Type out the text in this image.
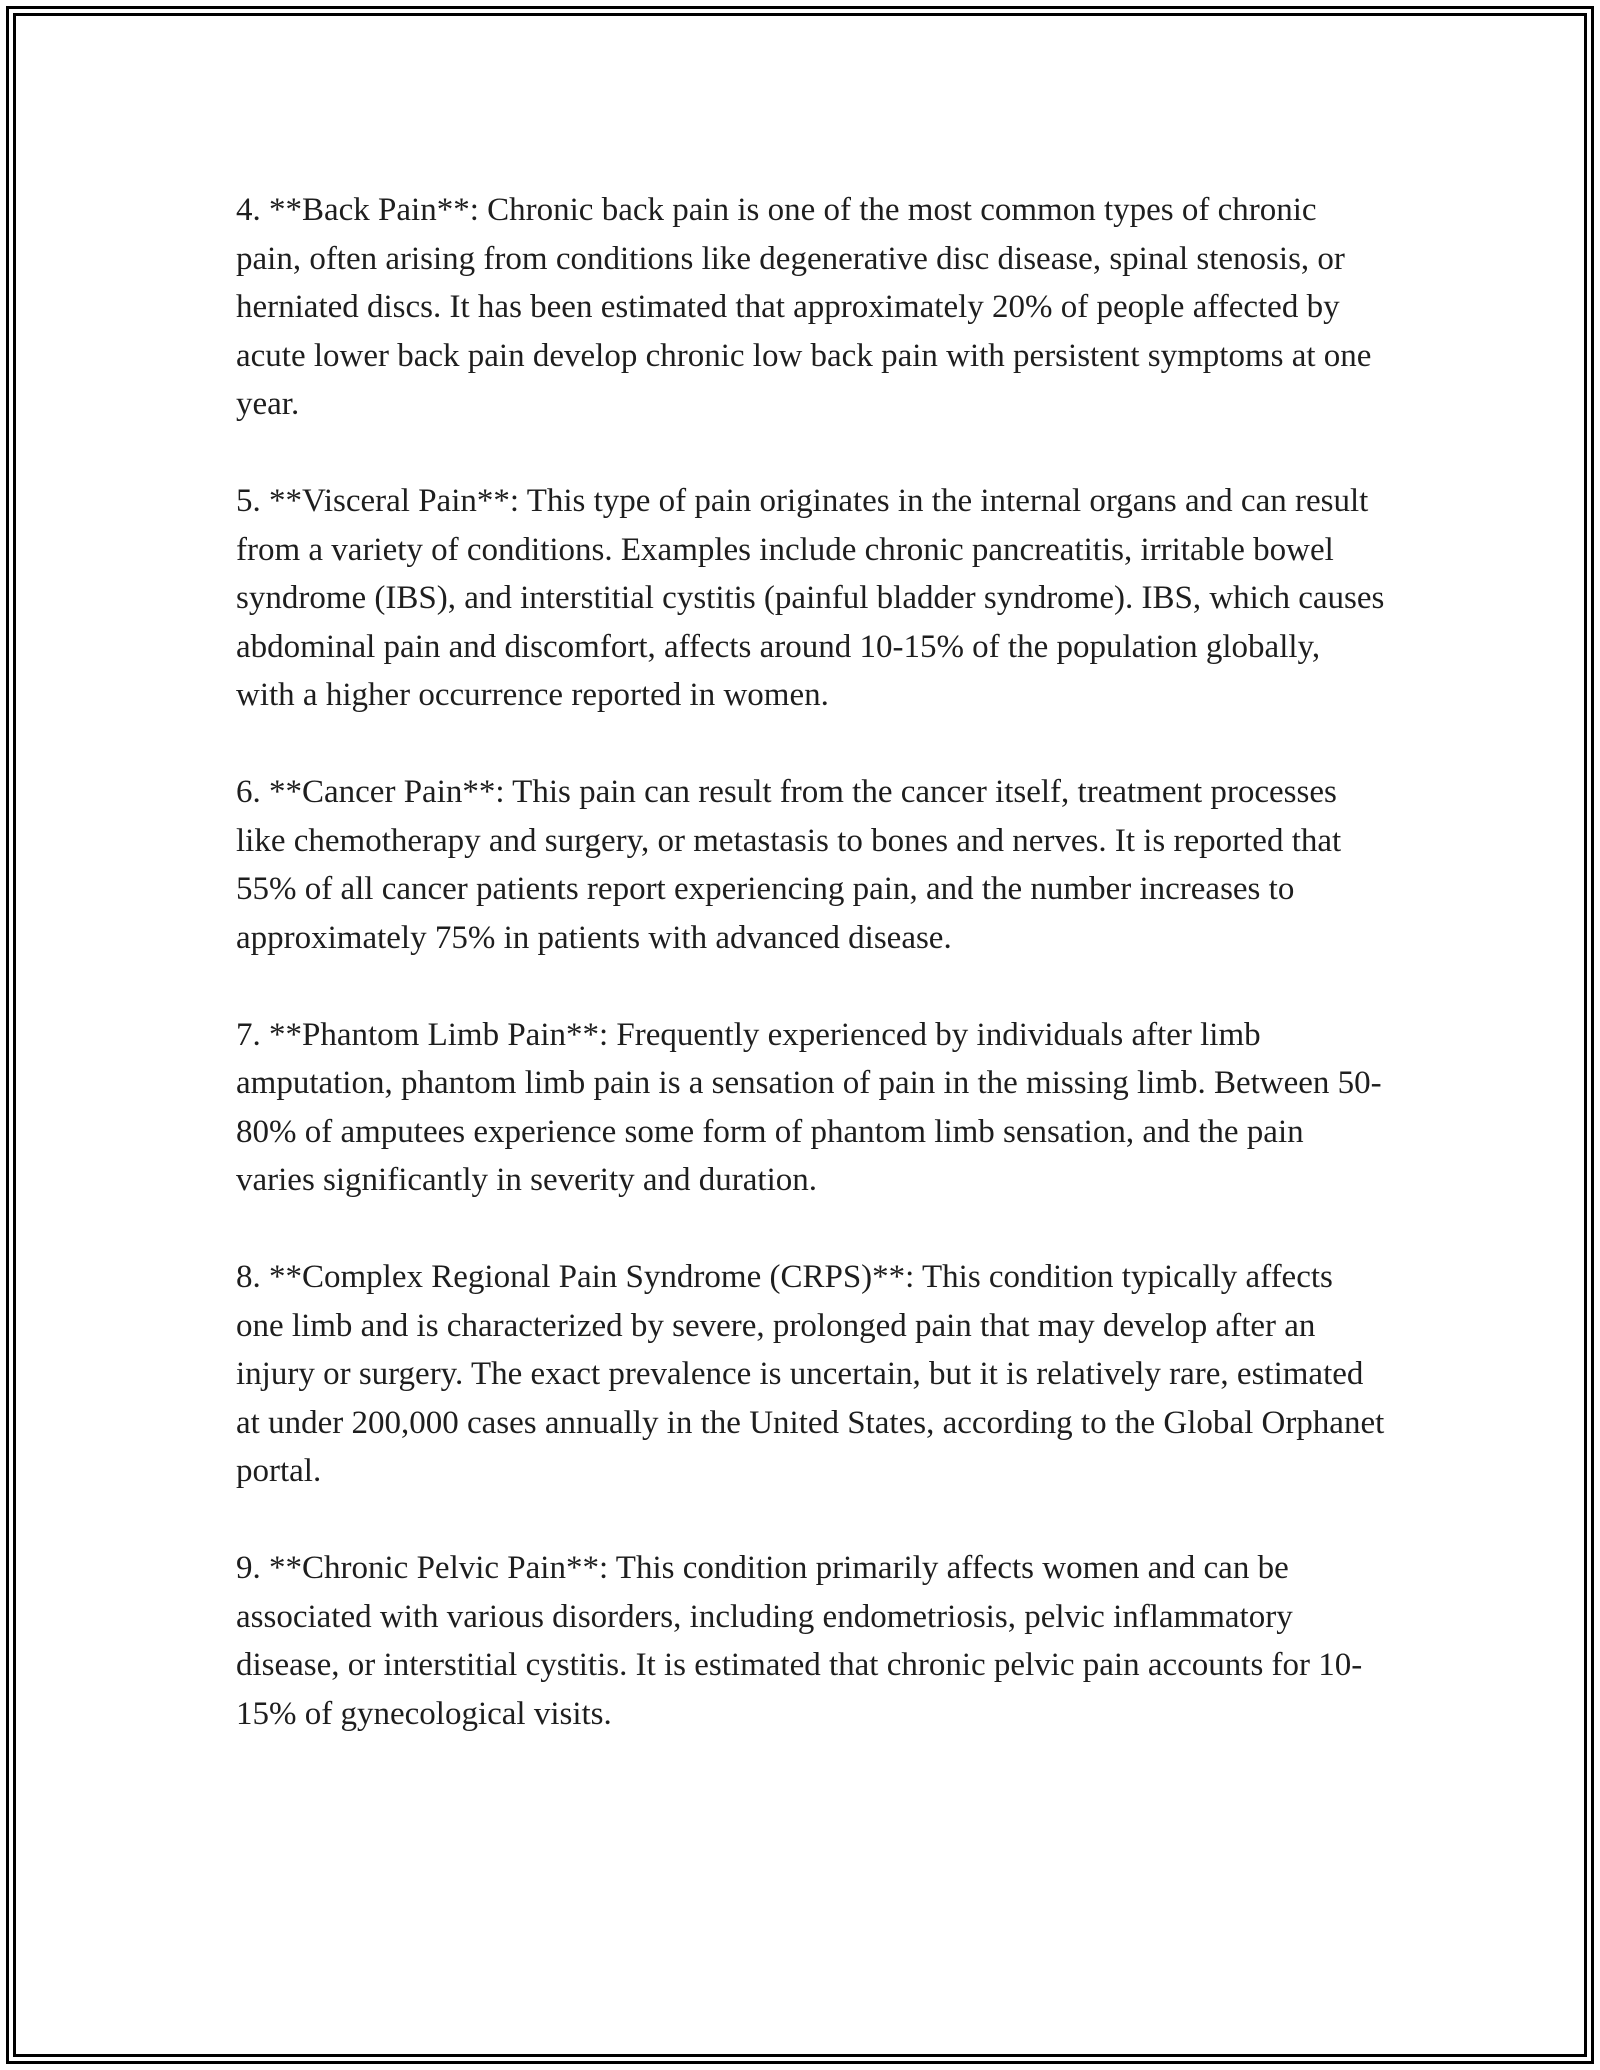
4. **Back Pain**: Chronic back pain is one of the most common types of chronic pain, often arising from conditions like degenerative disc disease, spinal stenosis, or herniated discs. It has been estimated that approximately 20% of people affected by acute lower back pain develop chronic low back pain with persistent symptoms at one year.

5. **Visceral Pain**: This type of pain originates in the internal organs and can result from a variety of conditions. Examples include chronic pancreatitis, irritable bowel syndrome (IBS), and interstitial cystitis (painful bladder syndrome). IBS, which causes abdominal pain and discomfort, affects around 10-15% of the population globally, with a higher occurrence reported in women.

6. **Cancer Pain**: This pain can result from the cancer itself, treatment processes like chemotherapy and surgery, or metastasis to bones and nerves. It is reported that 55% of all cancer patients report experiencing pain, and the number increases to approximately 75% in patients with advanced disease.

7. **Phantom Limb Pain**: Frequently experienced by individuals after limb amputation, phantom limb pain is a sensation of pain in the missing limb. Between 50-80% of amputees experience some form of phantom limb sensation, and the pain varies significantly in severity and duration.

8. **Complex Regional Pain Syndrome (CRPS)**: This condition typically affects one limb and is characterized by severe, prolonged pain that may develop after an injury or surgery. The exact prevalence is uncertain, but it is relatively rare, estimated at under 200,000 cases annually in the United States, according to the Global Orphanet portal.

9. **Chronic Pelvic Pain**: This condition primarily affects women and can be associated with various disorders, including endometriosis, pelvic inflammatory disease, or interstitial cystitis. It is estimated that chronic pelvic pain accounts for 10-15% of gynecological visits.
